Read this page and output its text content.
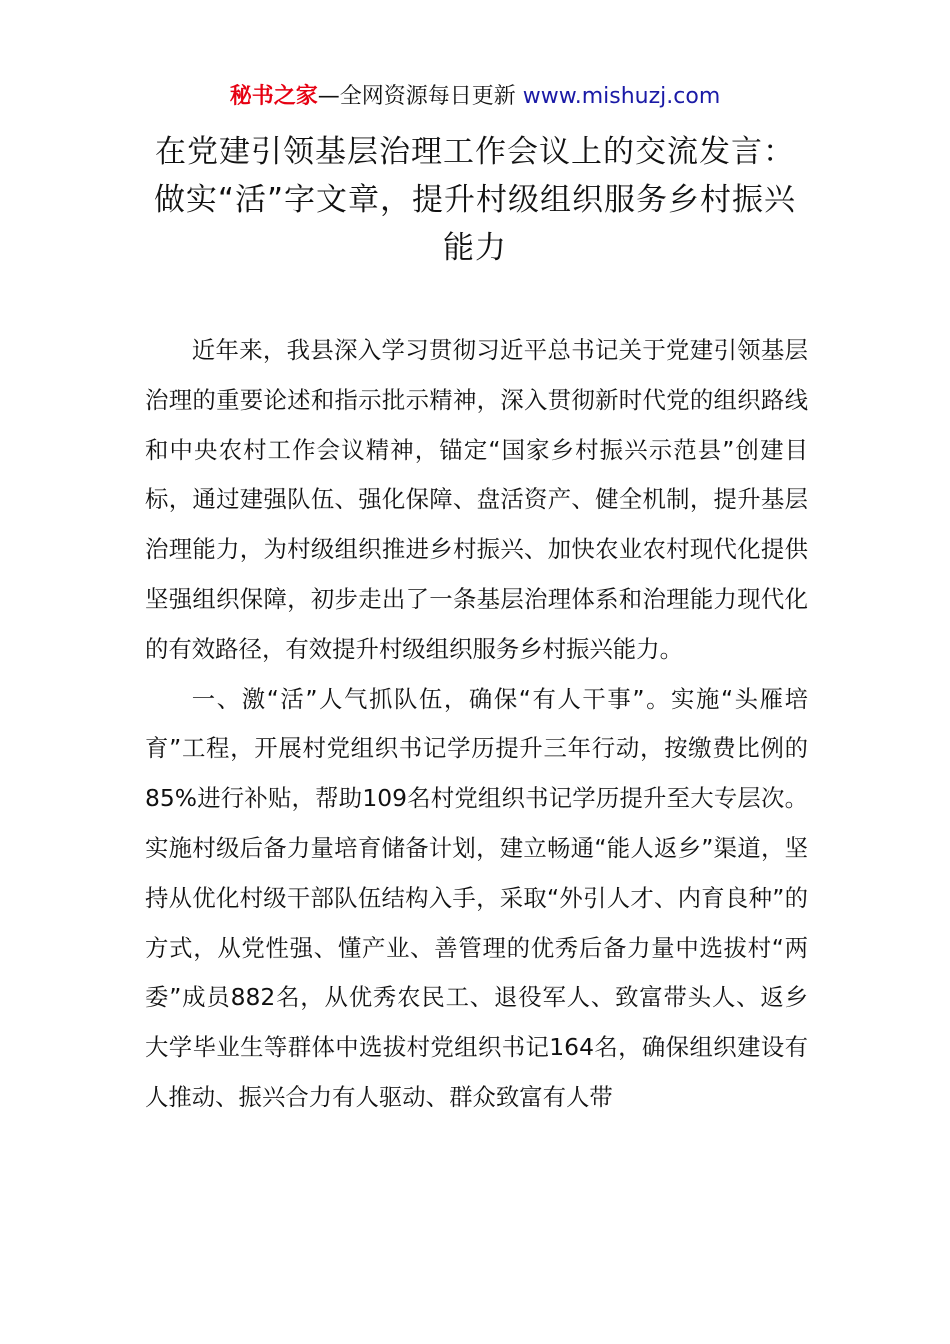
秘书之家—全网资源每日更新 www.mishuzj.com
在党建引领基层治理工作会议上的交流发言：做实“活”字文章，提升村级组织服务乡村振兴能力

近年来，我县深入学习贯彻习近平总书记关于党建引领基层治理的重要论述和指示批示精神，深入贯彻新时代党的组织路线和中央农村工作会议精神，锚定“国家乡村振兴示范县”创建目标，通过建强队伍、强化保障、盘活资产、健全机制，提升基层治理能力，为村级组织推进乡村振兴、加快农业农村现代化提供坚强组织保障，初步走出了一条基层治理体系和治理能力现代化的有效路径，有效提升村级组织服务乡村振兴能力。

一、激“活”人气抓队伍，确保“有人干事”。实施“头雁培育”工程，开展村党组织书记学历提升三年行动，按缴费比例的85%进行补贴，帮助109名村党组织书记学历提升至大专层次。实施村级后备力量培育储备计划，建立畅通“能人返乡”渠道，坚持从优化村级干部队伍结构入手，采取“外引人才、内育良种”的方式，从党性强、懂产业、善管理的优秀后备力量中选拔村“两委”成员882名，从优秀农民工、退役军人、致富带头人、返乡大学毕业生等群体中选拔村党组织书记164名，确保组织建设有人推动、振兴合力有人驱动、群众致富有人带
